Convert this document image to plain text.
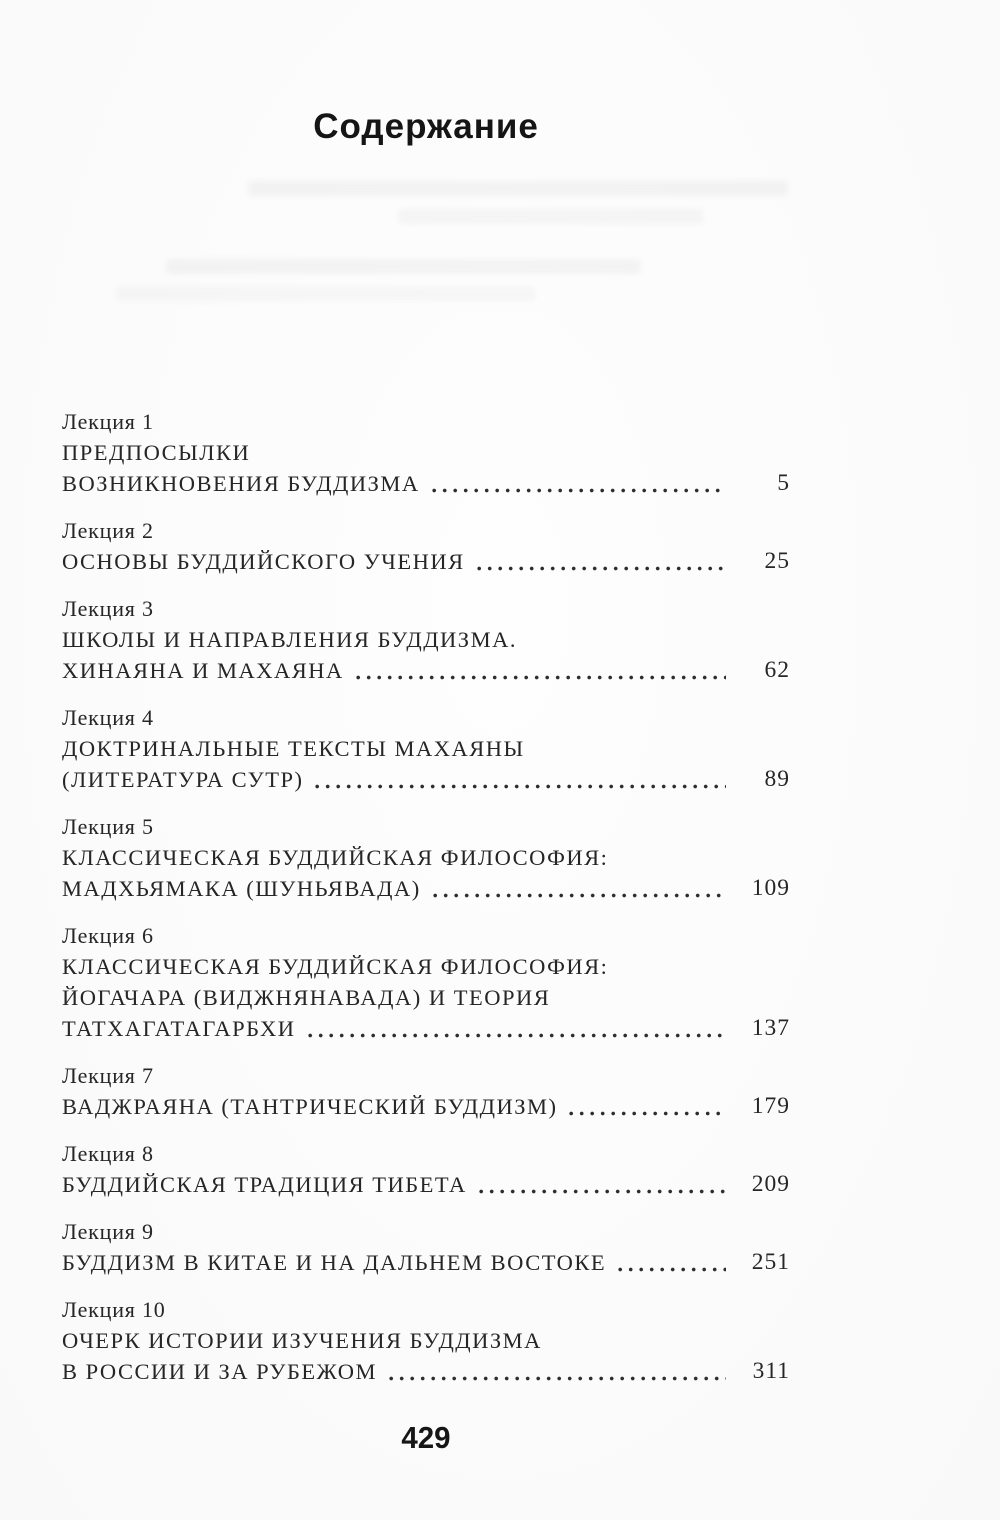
Содержание
Лекция 1
ПРЕДПОСЫЛКИ
ВОЗНИКНОВЕНИЯ БУДДИЗМА	5
Лекция 2
ОСНОВЫ БУДДИЙСКОГО УЧЕНИЯ	25
Лекция 3
ШКОЛЫ И НАПРАВЛЕНИЯ БУДДИЗМА.
ХИНАЯНА И МАХАЯНА	62
Лекция 4
ДОКТРИНАЛЬНЫЕ ТЕКСТЫ МАХАЯНЫ
(ЛИТЕРАТУРА СУТР)	89
Лекция 5
КЛАССИЧЕСКАЯ БУДДИЙСКАЯ ФИЛОСОФИЯ:
МАДХЬЯМАКА (ШУНЬЯВАДА)	109
Лекция 6
КЛАССИЧЕСКАЯ БУДДИЙСКАЯ ФИЛОСОФИЯ:
ЙОГАЧАРА (ВИДЖНЯНАВАДА) И ТЕОРИЯ
ТАТХАГАТАГАРБХИ	137
Лекция 7
ВАДЖРАЯНА (ТАНТРИЧЕСКИЙ БУДДИЗМ)	179
Лекция 8
БУДДИЙСКАЯ ТРАДИЦИЯ ТИБЕТА	209
Лекция 9
БУДДИЗМ В КИТАЕ И НА ДАЛЬНЕМ ВОСТОКЕ	251
Лекция 10
ОЧЕРК ИСТОРИИ ИЗУЧЕНИЯ БУДДИЗМА
В РОССИИ И ЗА РУБЕЖОМ	311
429
